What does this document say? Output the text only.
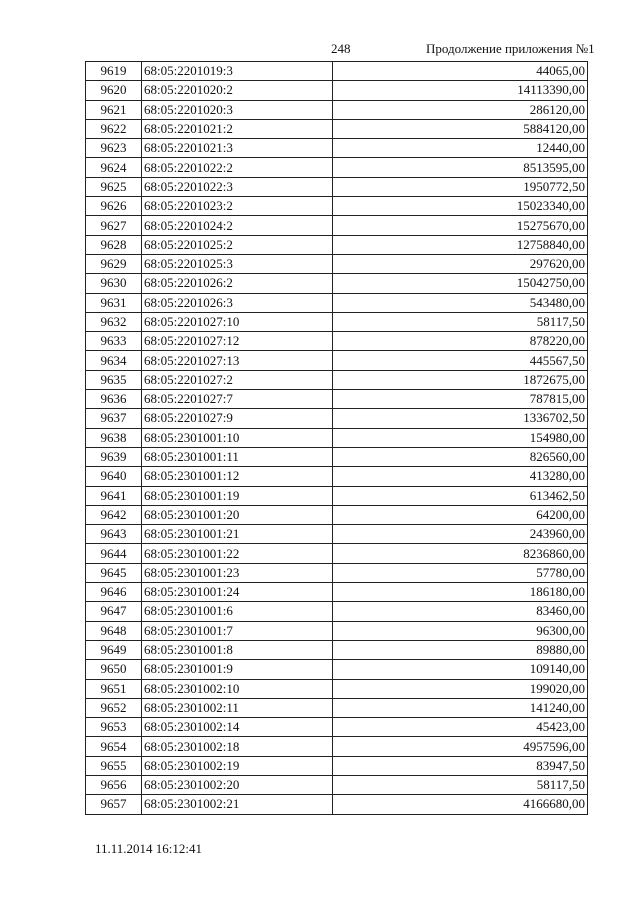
248	Продолжение приложения №1
9619	68:05:2201019:3	44065,00
9620	68:05:2201020:2	14113390,00
9621	68:05:2201020:3	286120,00
9622	68:05:2201021:2	5884120,00
9623	68:05:2201021:3	12440,00
9624	68:05:2201022:2	8513595,00
9625	68:05:2201022:3	1950772,50
9626	68:05:2201023:2	15023340,00
9627	68:05:2201024:2	15275670,00
9628	68:05:2201025:2	12758840,00
9629	68:05:2201025:3	297620,00
9630	68:05:2201026:2	15042750,00
9631	68:05:2201026:3	543480,00
9632	68:05:2201027:10	58117,50
9633	68:05:2201027:12	878220,00
9634	68:05:2201027:13	445567,50
9635	68:05:2201027:2	1872675,00
9636	68:05:2201027:7	787815,00
9637	68:05:2201027:9	1336702,50
9638	68:05:2301001:10	154980,00
9639	68:05:2301001:11	826560,00
9640	68:05:2301001:12	413280,00
9641	68:05:2301001:19	613462,50
9642	68:05:2301001:20	64200,00
9643	68:05:2301001:21	243960,00
9644	68:05:2301001:22	8236860,00
9645	68:05:2301001:23	57780,00
9646	68:05:2301001:24	186180,00
9647	68:05:2301001:6	83460,00
9648	68:05:2301001:7	96300,00
9649	68:05:2301001:8	89880,00
9650	68:05:2301001:9	109140,00
9651	68:05:2301002:10	199020,00
9652	68:05:2301002:11	141240,00
9653	68:05:2301002:14	45423,00
9654	68:05:2301002:18	4957596,00
9655	68:05:2301002:19	83947,50
9656	68:05:2301002:20	58117,50
9657	68:05:2301002:21	4166680,00
11.11.2014 16:12:41
